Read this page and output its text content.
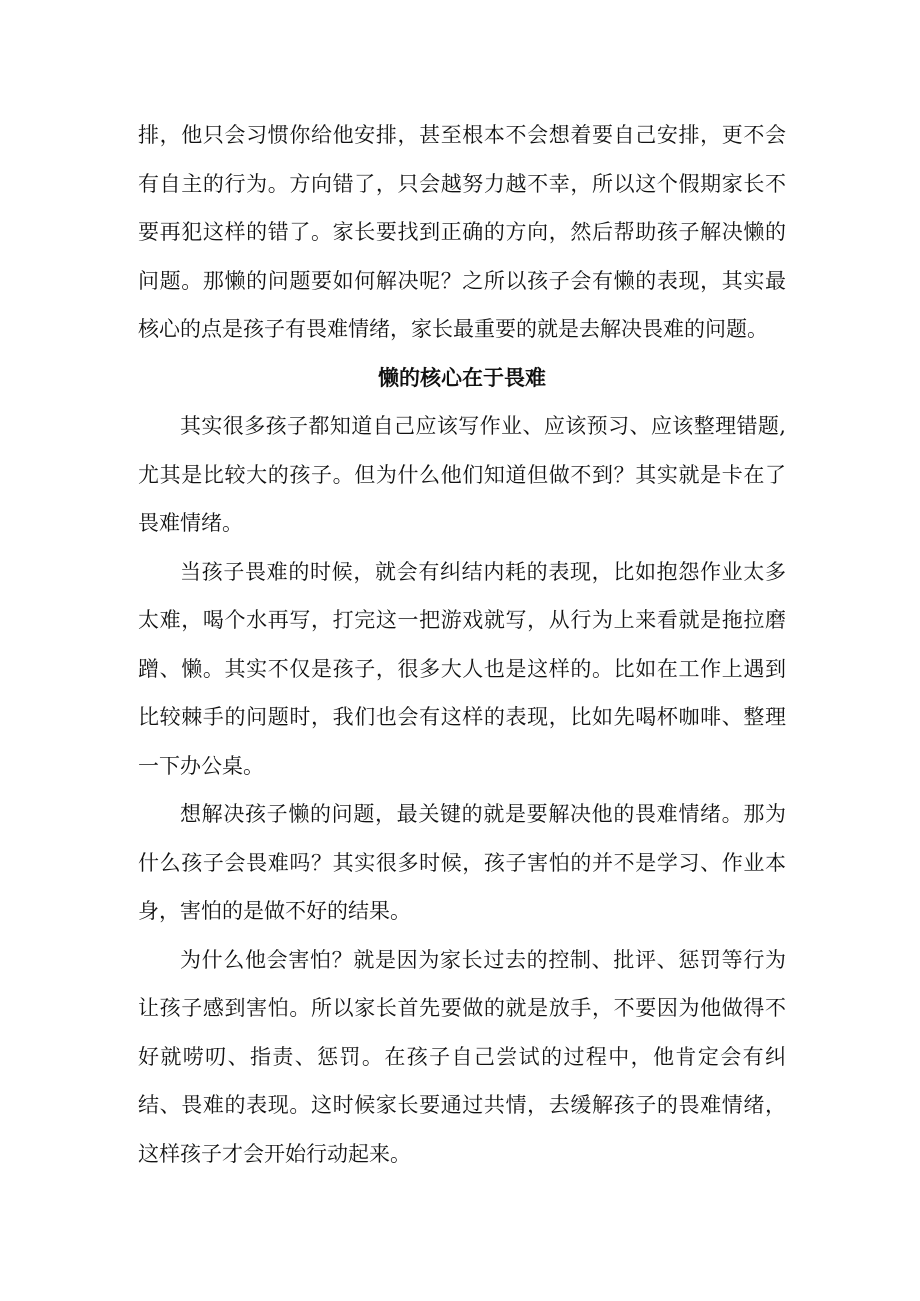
排，他只会习惯你给他安排，甚至根本不会想着要自己安排，更不会有自主的行为。方向错了，只会越努力越不幸，所以这个假期家长不要再犯这样的错了。家长要找到正确的方向，然后帮助孩子解决懒的问题。那懒的问题要如何解决呢？之所以孩子会有懒的表现，其实最核心的点是孩子有畏难情绪，家长最重要的就是去解决畏难的问题。

懒的核心在于畏难

其实很多孩子都知道自己应该写作业、应该预习、应该整理错题,尤其是比较大的孩子。但为什么他们知道但做不到？其实就是卡在了畏难情绪。

当孩子畏难的时候，就会有纠结内耗的表现，比如抱怨作业太多太难，喝个水再写，打完这一把游戏就写，从行为上来看就是拖拉磨蹭、懒。其实不仅是孩子，很多大人也是这样的。比如在工作上遇到比较棘手的问题时，我们也会有这样的表现，比如先喝杯咖啡、整理一下办公桌。

想解决孩子懒的问题，最关键的就是要解决他的畏难情绪。那为什么孩子会畏难吗？其实很多时候，孩子害怕的并不是学习、作业本身，害怕的是做不好的结果。

为什么他会害怕？就是因为家长过去的控制、批评、惩罚等行为让孩子感到害怕。所以家长首先要做的就是放手，不要因为他做得不好就唠叨、指责、惩罚。在孩子自己尝试的过程中，他肯定会有纠结、畏难的表现。这时候家长要通过共情，去缓解孩子的畏难情绪，这样孩子才会开始行动起来。
